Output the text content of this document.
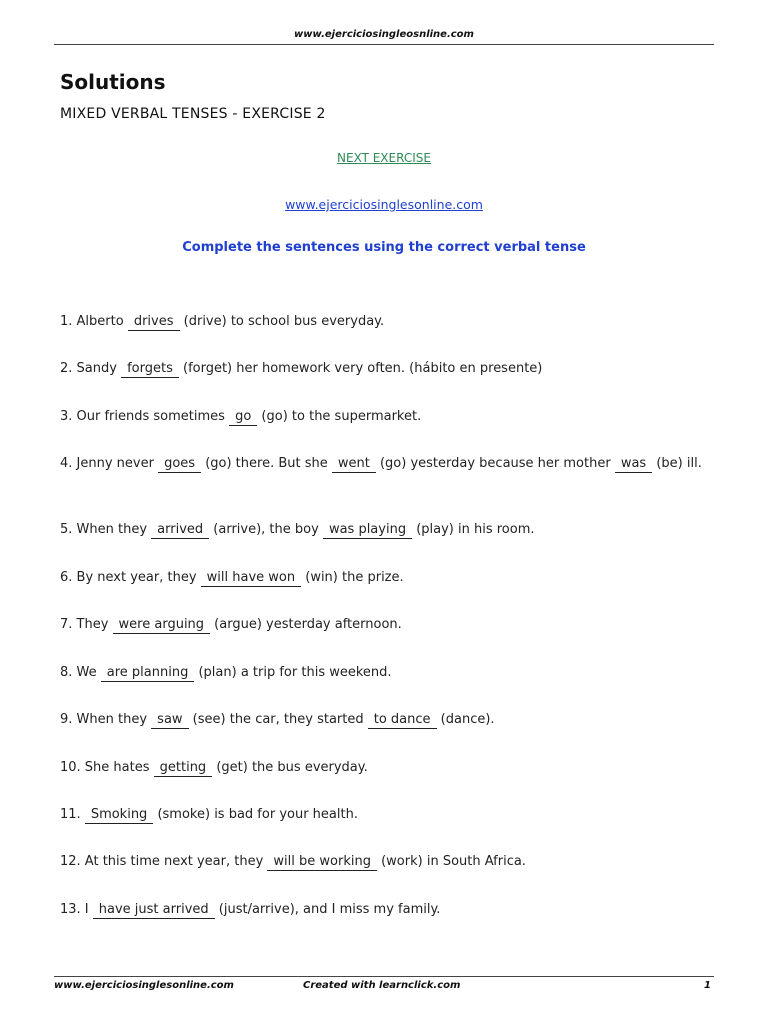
www.ejerciciosingleosnline.com
Solutions
MIXED VERBAL TENSES - EXERCISE 2
NEXT EXERCISE
www.ejerciciosinglesonline.com
Complete the sentences using the correct verbal tense
1. Alberto drives (drive) to school bus everyday.
2. Sandy forgets (forget) her homework very often. (hábito en presente)
3. Our friends sometimes go (go) to the supermarket.
4. Jenny never goes (go) there. But she went (go) yesterday because her mother was (be) ill.
5. When they arrived (arrive), the boy was playing (play) in his room.
6. By next year, they will have won (win) the prize.
7. They were arguing (argue) yesterday afternoon.
8. We are planning (plan) a trip for this weekend.
9. When they saw (see) the car, they started to dance (dance).
10. She hates getting (get) the bus everyday.
11. Smoking (smoke) is bad for your health.
12. At this time next year, they will be working (work) in South Africa.
13. I have just arrived (just/arrive), and I miss my family.
www.ejerciciosinglesonline.com	Created with learnclick.com	1
